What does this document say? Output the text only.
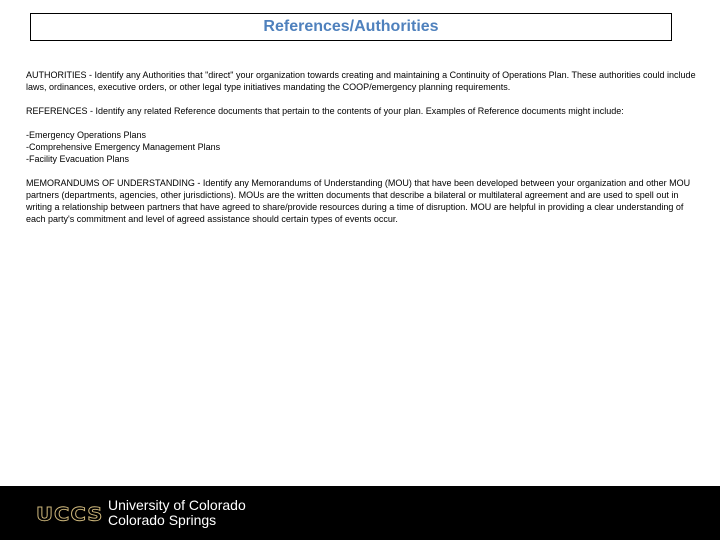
References/Authorities

AUTHORITIES - Identify any Authorities that "direct" your organization towards creating and maintaining a Continuity of Operations Plan. These authorities could include laws, ordinances, executive orders, or other legal type initiatives mandating the COOP/emergency planning requirements.

REFERENCES - Identify any related Reference documents that pertain to the contents of your plan. Examples of Reference documents might include:

-Emergency Operations Plans
-Comprehensive Emergency Management Plans
-Facility Evacuation Plans

MEMORANDUMS OF UNDERSTANDING - Identify any Memorandums of Understanding (MOU) that have been developed between your organization and other MOU partners (departments, agencies, other jurisdictions). MOUs are the written documents that describe a bilateral or multilateral agreement and are used to spell out in writing a relationship between partners that have agreed to share/provide resources during a time of disruption. MOU are helpful in providing a clear understanding of each party's commitment and level of agreed assistance should certain types of events occur.

UCCS University of Colorado
Colorado Springs
